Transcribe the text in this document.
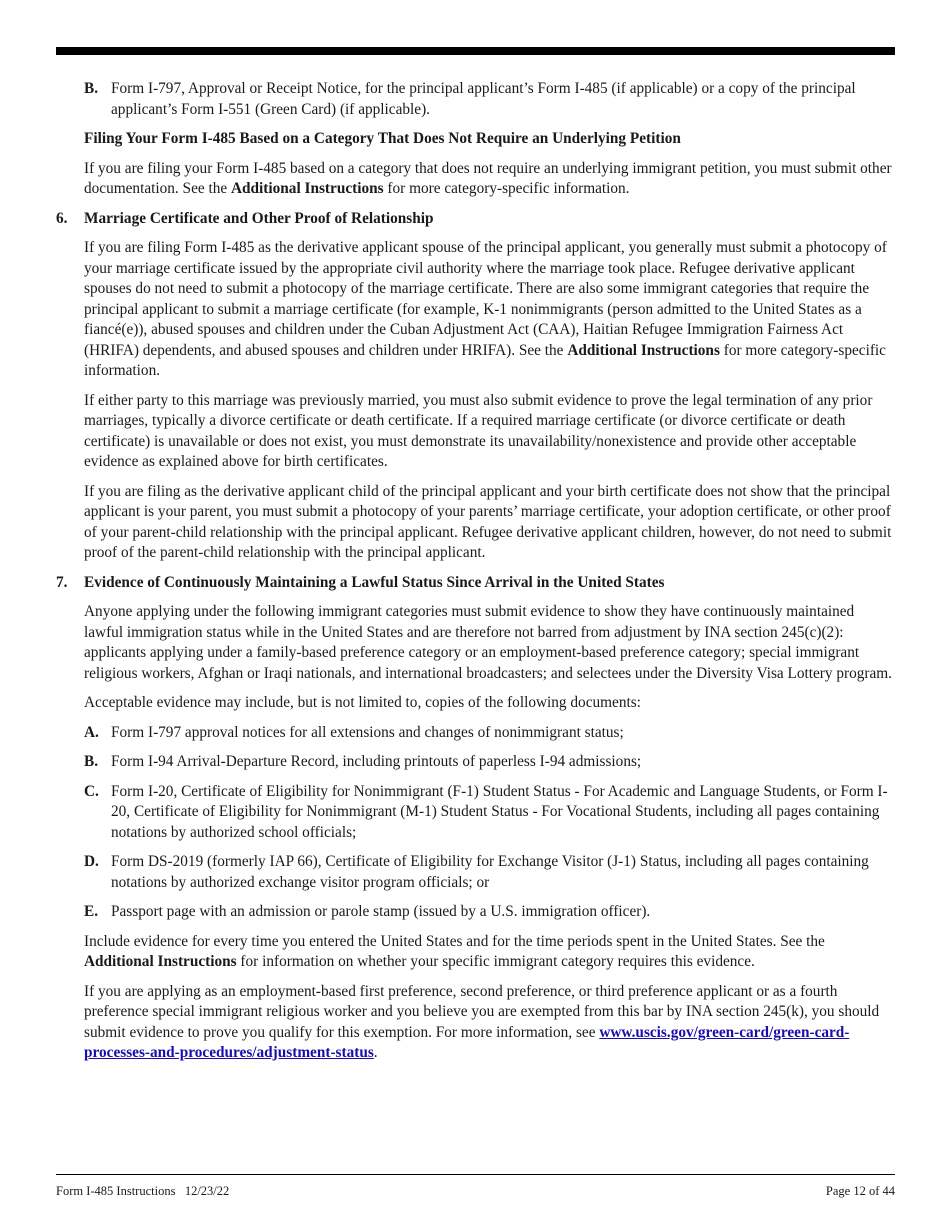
B. Form I-797, Approval or Receipt Notice, for the principal applicant’s Form I-485 (if applicable) or a copy of the principal applicant’s Form I-551 (Green Card) (if applicable).

Filing Your Form I-485 Based on a Category That Does Not Require an Underlying Petition

If you are filing your Form I-485 based on a category that does not require an underlying immigrant petition, you must submit other documentation. See the Additional Instructions for more category-specific information.

6. Marriage Certificate and Other Proof of Relationship

If you are filing Form I-485 as the derivative applicant spouse of the principal applicant, you generally must submit a photocopy of your marriage certificate issued by the appropriate civil authority where the marriage took place. Refugee derivative applicant spouses do not need to submit a photocopy of the marriage certificate. There are also some immigrant categories that require the principal applicant to submit a marriage certificate (for example, K-1 nonimmigrants (person admitted to the United States as a fiancé(e)), abused spouses and children under the Cuban Adjustment Act (CAA), Haitian Refugee Immigration Fairness Act (HRIFA) dependents, and abused spouses and children under HRIFA). See the Additional Instructions for more category-specific information.

If either party to this marriage was previously married, you must also submit evidence to prove the legal termination of any prior marriages, typically a divorce certificate or death certificate. If a required marriage certificate (or divorce certificate or death certificate) is unavailable or does not exist, you must demonstrate its unavailability/nonexistence and provide other acceptable evidence as explained above for birth certificates.

If you are filing as the derivative applicant child of the principal applicant and your birth certificate does not show that the principal applicant is your parent, you must submit a photocopy of your parents’ marriage certificate, your adoption certificate, or other proof of your parent-child relationship with the principal applicant. Refugee derivative applicant children, however, do not need to submit proof of the parent-child relationship with the principal applicant.

7. Evidence of Continuously Maintaining a Lawful Status Since Arrival in the United States

Anyone applying under the following immigrant categories must submit evidence to show they have continuously maintained lawful immigration status while in the United States and are therefore not barred from adjustment by INA section 245(c)(2): applicants applying under a family-based preference category or an employment-based preference category; special immigrant religious workers, Afghan or Iraqi nationals, and international broadcasters; and selectees under the Diversity Visa Lottery program.

Acceptable evidence may include, but is not limited to, copies of the following documents:

A. Form I-797 approval notices for all extensions and changes of nonimmigrant status;

B. Form I-94 Arrival-Departure Record, including printouts of paperless I-94 admissions;

C. Form I-20, Certificate of Eligibility for Nonimmigrant (F-1) Student Status - For Academic and Language Students, or Form I-20, Certificate of Eligibility for Nonimmigrant (M-1) Student Status - For Vocational Students, including all pages containing notations by authorized school officials;

D. Form DS-2019 (formerly IAP 66), Certificate of Eligibility for Exchange Visitor (J-1) Status, including all pages containing notations by authorized exchange visitor program officials; or

E. Passport page with an admission or parole stamp (issued by a U.S. immigration officer).

Include evidence for every time you entered the United States and for the time periods spent in the United States. See the Additional Instructions for information on whether your specific immigrant category requires this evidence.

If you are applying as an employment-based first preference, second preference, or third preference applicant or as a fourth preference special immigrant religious worker and you believe you are exempted from this bar by INA section 245(k), you should submit evidence to prove you qualify for this exemption. For more information, see www.uscis.gov/green-card/green-card-processes-and-procedures/adjustment-status.

Form I-485 Instructions 12/23/22	Page 12 of 44
